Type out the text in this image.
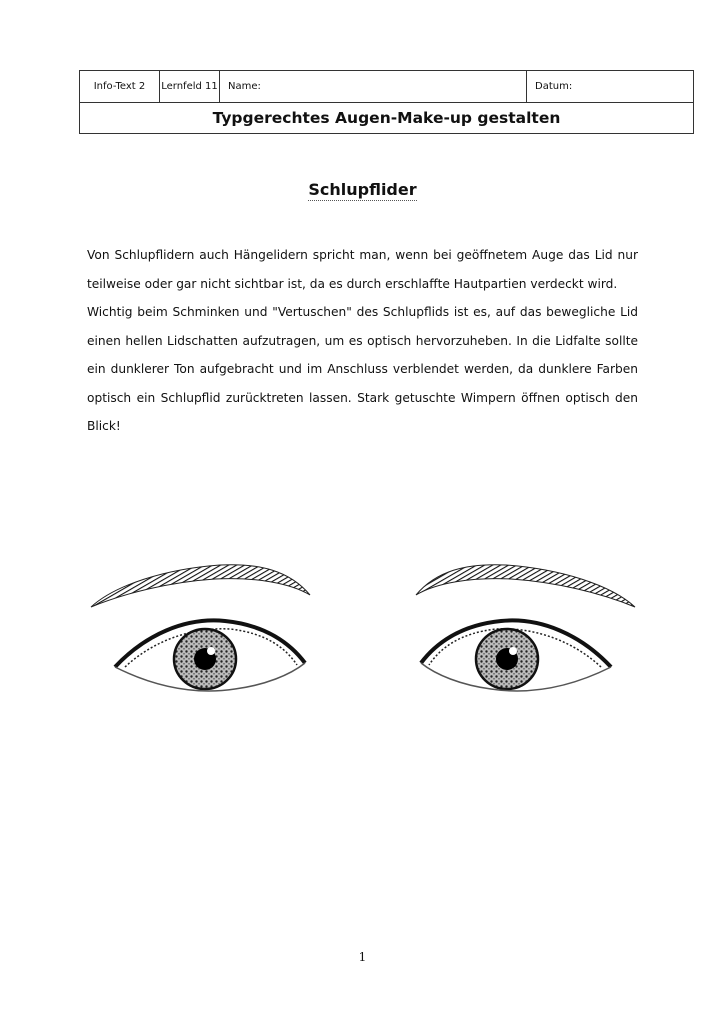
Info-Text 2	Lernfeld 11	Name:	Datum:
Typgerechtes Augen-Make-up gestalten
Schlupflider

Von Schlupflidern auch Hängelidern spricht man, wenn bei geöffnetem Auge das Lid nur teilweise oder gar nicht sichtbar ist, da es durch erschlaffte Hautpartien verdeckt wird.

Wichtig beim Schminken und "Vertuschen" des Schlupflids ist es, auf das bewegliche Lid einen hellen Lidschatten aufzutragen, um es optisch hervorzuheben. In die Lidfalte sollte ein dunklerer Ton aufgebracht und im Anschluss verblendet werden, da dunklere Farben optisch ein Schlupflid zurücktreten lassen. Stark getuschte Wimpern öffnen optisch den Blick!

1
